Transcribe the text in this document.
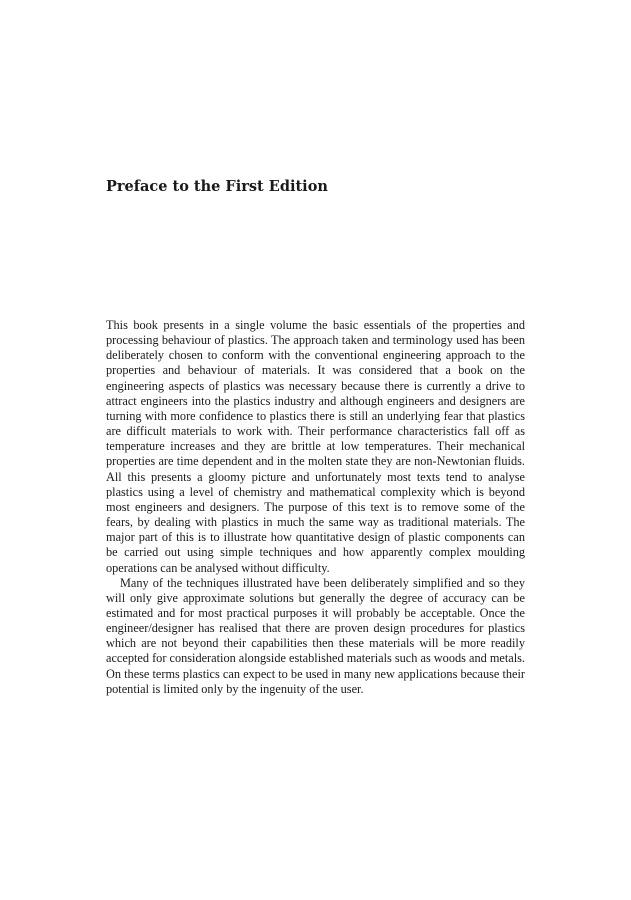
Preface to the First Edition

This book presents in a single volume the basic essentials of the properties and processing behaviour of plastics. The approach taken and terminology used has been deliberately chosen to conform with the conventional engineering approach to the properties and behaviour of materials. It was considered that a book on the engineering aspects of plastics was necessary because there is currently a drive to attract engineers into the plastics industry and although engineers and designers are turning with more confidence to plastics there is still an underlying fear that plastics are difficult materials to work with. Their performance characteristics fall off as temperature increases and they are brittle at low temperatures. Their mechanical properties are time dependent and in the molten state they are non-Newtonian fluids. All this presents a gloomy picture and unfortunately most texts tend to analyse plastics using a level of chemistry and mathematical complexity which is beyond most engineers and designers. The purpose of this text is to remove some of the fears, by dealing with plastics in much the same way as traditional materials. The major part of this is to illustrate how quantitative design of plastic components can be carried out using simple techniques and how apparently complex moulding operations can be analysed without difficulty.

Many of the techniques illustrated have been deliberately simplified and so they will only give approximate solutions but generally the degree of accuracy can be estimated and for most practical purposes it will probably be acceptable. Once the engineer/designer has realised that there are proven design procedures for plastics which are not beyond their capabilities then these materials will be more readily accepted for consideration alongside established materials such as woods and metals. On these terms plastics can expect to be used in many new applications because their potential is limited only by the ingenuity of the user.
